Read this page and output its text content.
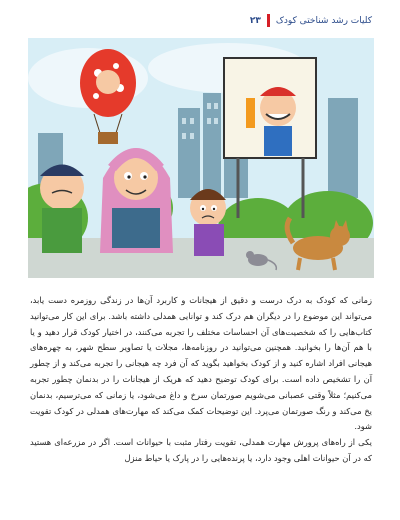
کلیات رشد شناختی کودک
۲۳

زمانی که کودک به درک درست و دقیق از هیجانات و کاربرد آن‌ها در زندگی روزمره دست یابد، می‌تواند این موضوع را در دیگران هم درک کند و توانایی همدلی داشته باشد. برای این کار می‌توانید کتاب‌هایی را که شخصیت‌های آن احساسات مختلف را تجربه می‌کنند، در اختیار کودک قرار دهید و یا با هم آن‌ها را بخوانید. همچنین می‌توانید در روزنامه‌ها، مجلات یا تصاویر سطح شهر، به چهره‌های هیجانی افراد اشاره کنید و از کودک بخواهید بگوید که آن فرد چه هیجانی را تجربه می‌کند و از چطور آن را تشخیص داده است. برای کودک توضیح دهید که هریک از هیجانات را در بدنمان چطور تجربه می‌کنیم؛ مثلاً وقتی عصبانی می‌شویم صورتمان سرخ و داغ می‌شود، یا زمانی که می‌ترسیم، بدنمان یخ می‌کند و رنگ صورتمان می‌پرد. این توضیحات کمک می‌کند که مهارت‌های همدلی در کودک تقویت شود.

یکی از راه‌های پرورش مهارت همدلی، تقویت رفتار مثبت با حیوانات است. اگر در مزرعه‌ای هستید که در آن حیوانات اهلی وجود دارد، یا پرنده‌هایی را در پارک یا حیاط منزل
